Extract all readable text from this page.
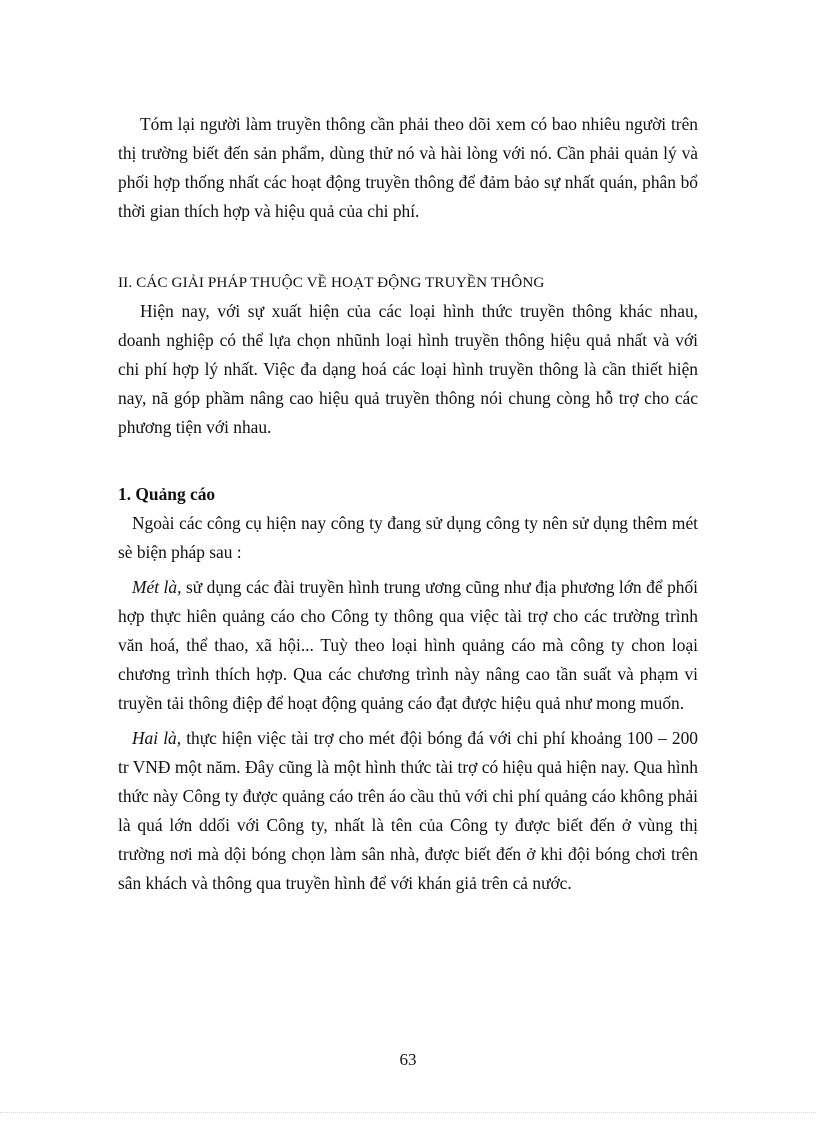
Tóm lại người làm truyền thông cần phải theo dõi xem có bao nhiêu người trên thị trường biết đến sản phẩm, dùng thử nó và hài lòng với nó. Cần phải quản lý và phối hợp thống nhất các hoạt động truyền thông để đảm bảo sự nhất quán, phân bổ thời gian thích hợp và hiệu quả của chi phí.

II. CÁC GIẢI PHÁP THUỘC VỀ HOẠT ĐỘNG TRUYỀN THÔNG

Hiện nay, với sự xuất hiện của các loại hình thức truyền thông khác nhau, doanh nghiệp có thể lựa chọn nhũnh loại hình truyền thông hiệu quả nhất và với chi phí hợp lý nhất. Việc đa dạng hoá các loại hình truyền thông là cần thiết hiện nay, nã góp phầm nâng cao hiệu quả truyền thông nói chung còng hỗ trợ cho các phương tiện với nhau.

1. Quảng cáo

Ngoài các công cụ hiện nay công ty đang sử dụng công ty nên sử dụng thêm mét sè biện pháp sau :

Mét là, sử dụng các đài truyền hình trung ương cũng như địa phương lớn để phối hợp thực hiên quảng cáo cho Công ty thông qua việc tài trợ cho các trường trình văn hoá, thể thao, xã hội... Tuỳ theo loại hình quảng cáo mà công ty chon loại chương trình thích hợp. Qua các chương trình này nâng cao tần suất và phạm vi truyền tải thông điệp để hoạt động quảng cáo đạt được hiệu quả như mong muốn.

Hai là, thực hiện việc tài trợ cho mét đội bóng đá với chi phí khoảng 100 – 200 tr VNĐ một năm. Đây cũng là một hình thức tài trợ có hiệu quả hiện nay. Qua hình thức này Công ty được quảng cáo trên áo cầu thủ với chi phí quảng cáo không phải là quá lớn ddối với Công ty, nhất là tên của Công ty được biết đến ở vùng thị trường nơi mà dội bóng chọn làm sân nhà, được biết đến ở khi đội bóng chơi trên sân khách và thông qua truyền hình để với khán giả trên cả nước.

63
